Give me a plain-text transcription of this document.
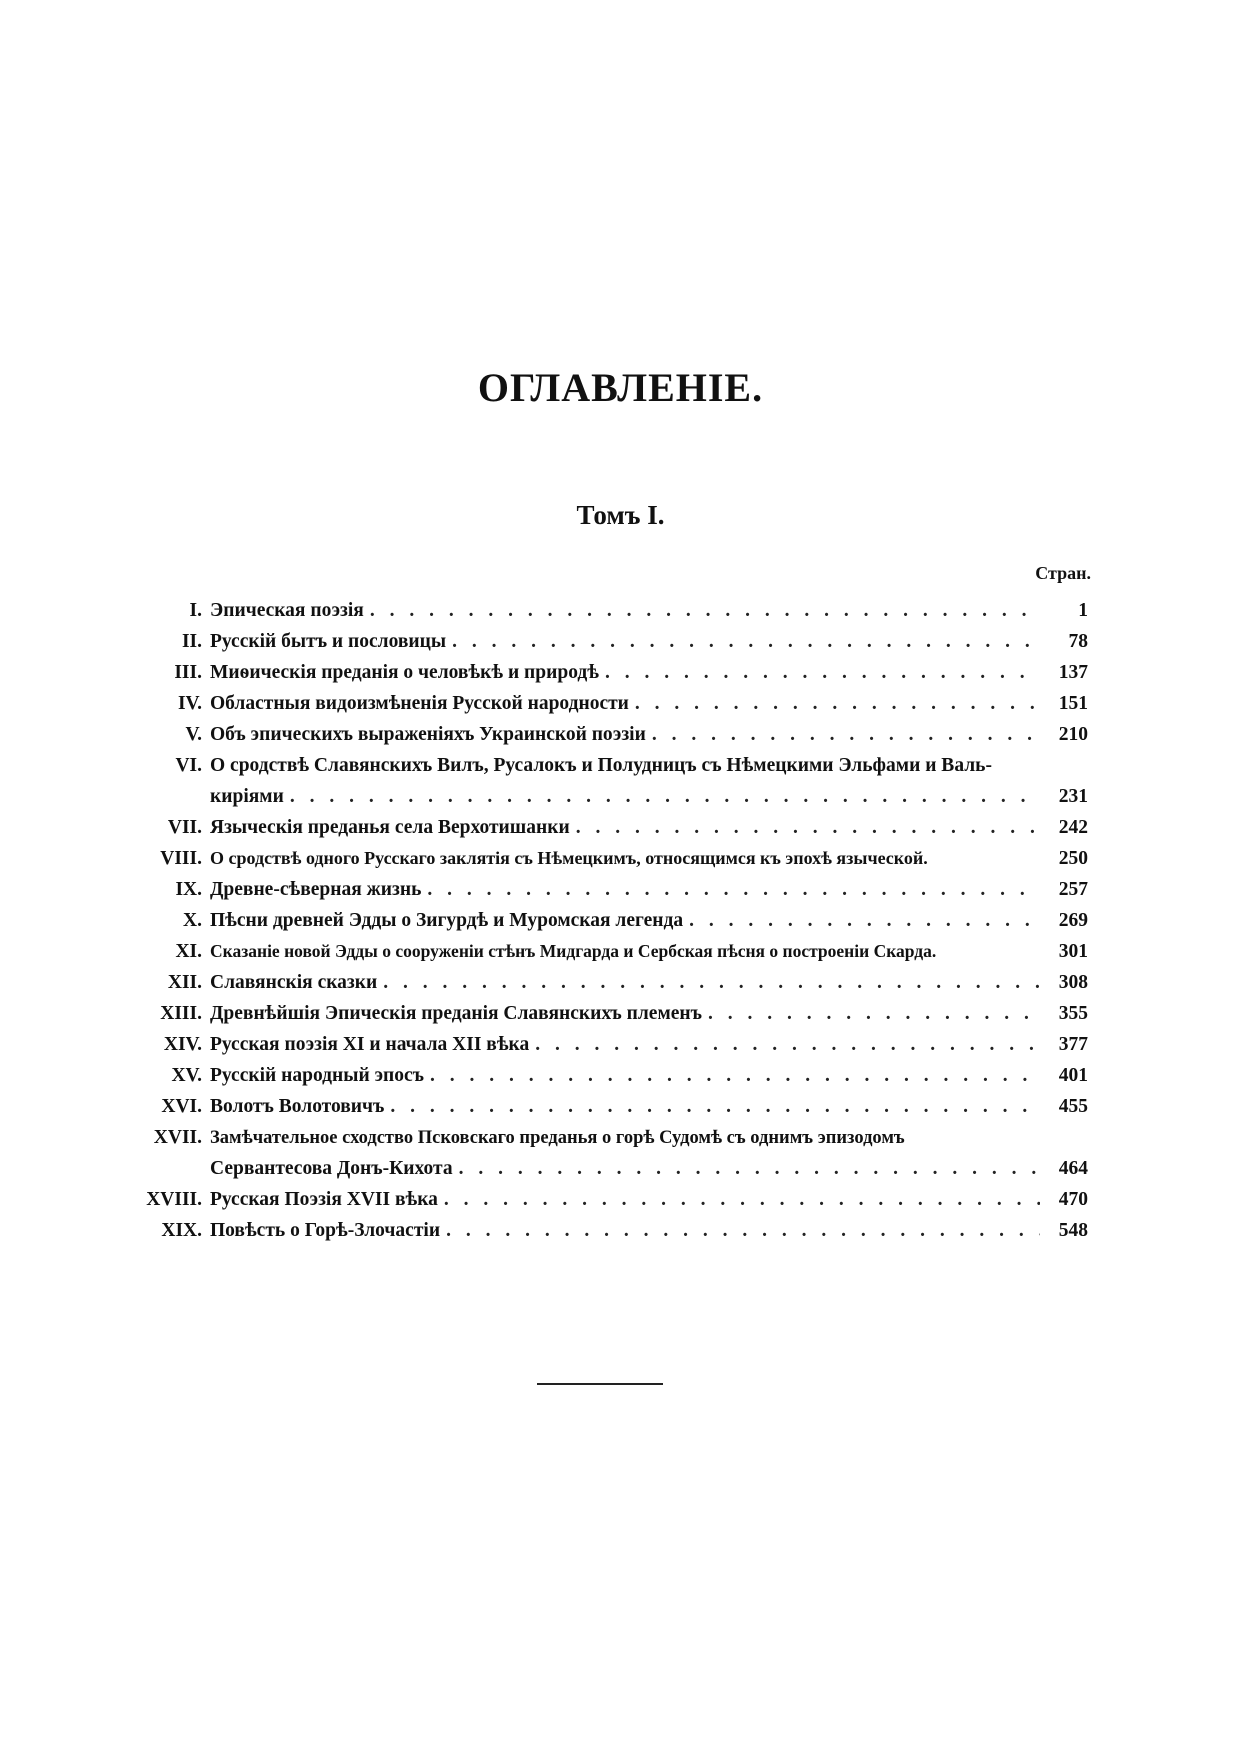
ОГЛАВЛЕНІЕ.
Томъ I.
Стран.
I. Эпическая поэзія . . .	1
II. Русскій бытъ и пословицы . . .	78
III. Миѳическія преданія о человѣкѣ и природѣ . . .	137
IV. Областныя видоизмѣненія Русской народности . . .	151
V. Объ эпическихъ выраженіяхъ Украинской поэзіи . . .	210
VI. О сродствѣ Славянскихъ Вилъ, Русалокъ и Полудницъ съ Нѣмецкими Эльфами и Валь-
киріями . . .	231
VII. Языческія преданья села Верхотишанки . . .	242
VIII. О сродствѣ одного Русскаго заклятія съ Нѣмецкимъ, относящимся къ эпохѣ языческой.	250
IX. Древне-сѣверная жизнь . . .	257
X. Пѣсни древней Эдды о Зигурдѣ и Муромская легенда . . .	269
XI. Сказаніе новой Эдды о сооруженіи стѣнъ Мидгарда и Сербская пѣсня о построеніи Скарда.	301
XII. Славянскія сказки . . .	308
XIII. Древнѣйшія Эпическія преданія Славянскихъ племенъ . . .	355
XIV. Русская поэзія XI и начала XII вѣка . . .	377
XV. Русскій народный эпосъ . . .	401
XVI. Волотъ Волотовичъ . . .	455
XVII. Замѣчательное сходство Псковскаго преданья о горѣ Судомѣ съ однимъ эпизодомъ
Сервантесова Донъ-Кихота . . .	464
XVIII. Русская Поэзія XVII вѣка . . .	470
XIX. Повѣсть о Горѣ-Злочастіи . . .	548
